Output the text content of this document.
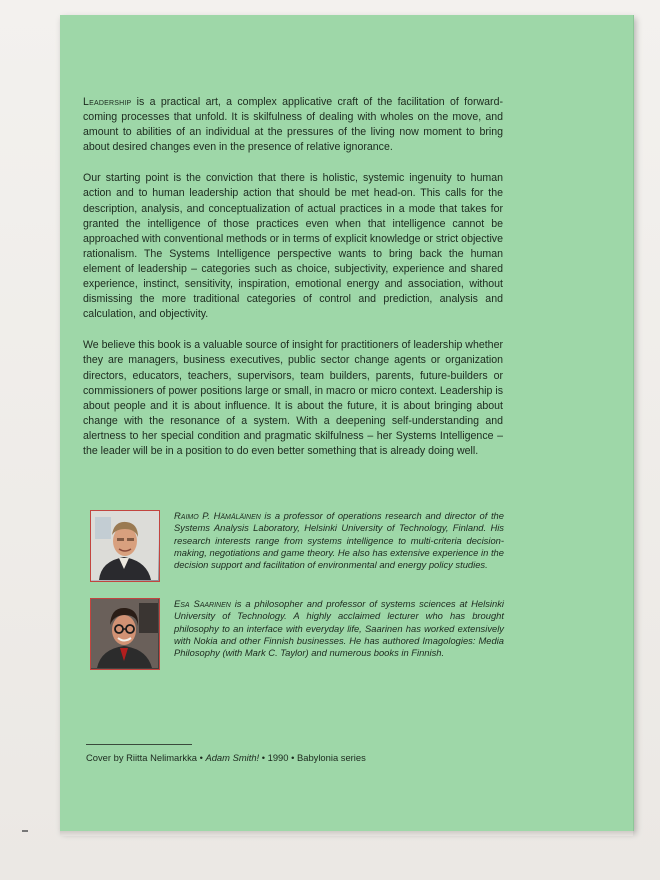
Leadership is a practical art, a complex applicative craft of the facilitation of forward-coming processes that unfold. It is skilfulness of dealing with wholes on the move, and amount to abilities of an individual at the pressures of the living now moment to bring about desired changes even in the presence of relative ignorance.

Our starting point is the conviction that there is holistic, systemic ingenuity to human action and to human leadership action that should be met head-on. This calls for the description, analysis, and conceptualization of actual practices in a mode that takes for granted the intelligence of those practices even when that intelligence cannot be approached with conventional methods or in terms of explicit knowledge or strict objective rationalism. The Systems Intelligence perspective wants to bring back the human element of leadership – categories such as choice, subjectivity, experience and shared experience, instinct, sensitivity, inspiration, emotional energy and association, without dismissing the more traditional categories of control and prediction, analysis and calculation, and objectivity.

We believe this book is a valuable source of insight for practitioners of leadership whether they are managers, business executives, public sector change agents or organization directors, educators, teachers, supervisors, team builders, parents, future-builders or commissioners of power positions large or small, in macro or micro context. Leadership is about people and it is about influence. It is about the future, it is about bringing about change with the resonance of a system. With a deepening self-understanding and alertness to her special condition and pragmatic skilfulness – her Systems Intelligence – the leader will be in a position to do even better something that is already doing well.

Raimo P. Hämäläinen is a professor of operations research and director of the Systems Analysis Laboratory, Helsinki University of Technology, Finland. His research interests range from systems intelligence to multi-criteria decision-making, negotiations and game theory. He also has extensive experience in the decision support and facilitation of environmental and energy policy studies.
Esa Saarinen is a philosopher and professor of systems sciences at Helsinki University of Technology. A highly acclaimed lecturer who has brought philosophy to an interface with everyday life, Saarinen has worked extensively with Nokia and other Finnish businesses. He has authored Imagologies: Media Philosophy (with Mark C. Taylor) and numerous books in Finnish.
Cover by Riitta Nelimarkka • Adam Smith! • 1990 • Babylonia series
